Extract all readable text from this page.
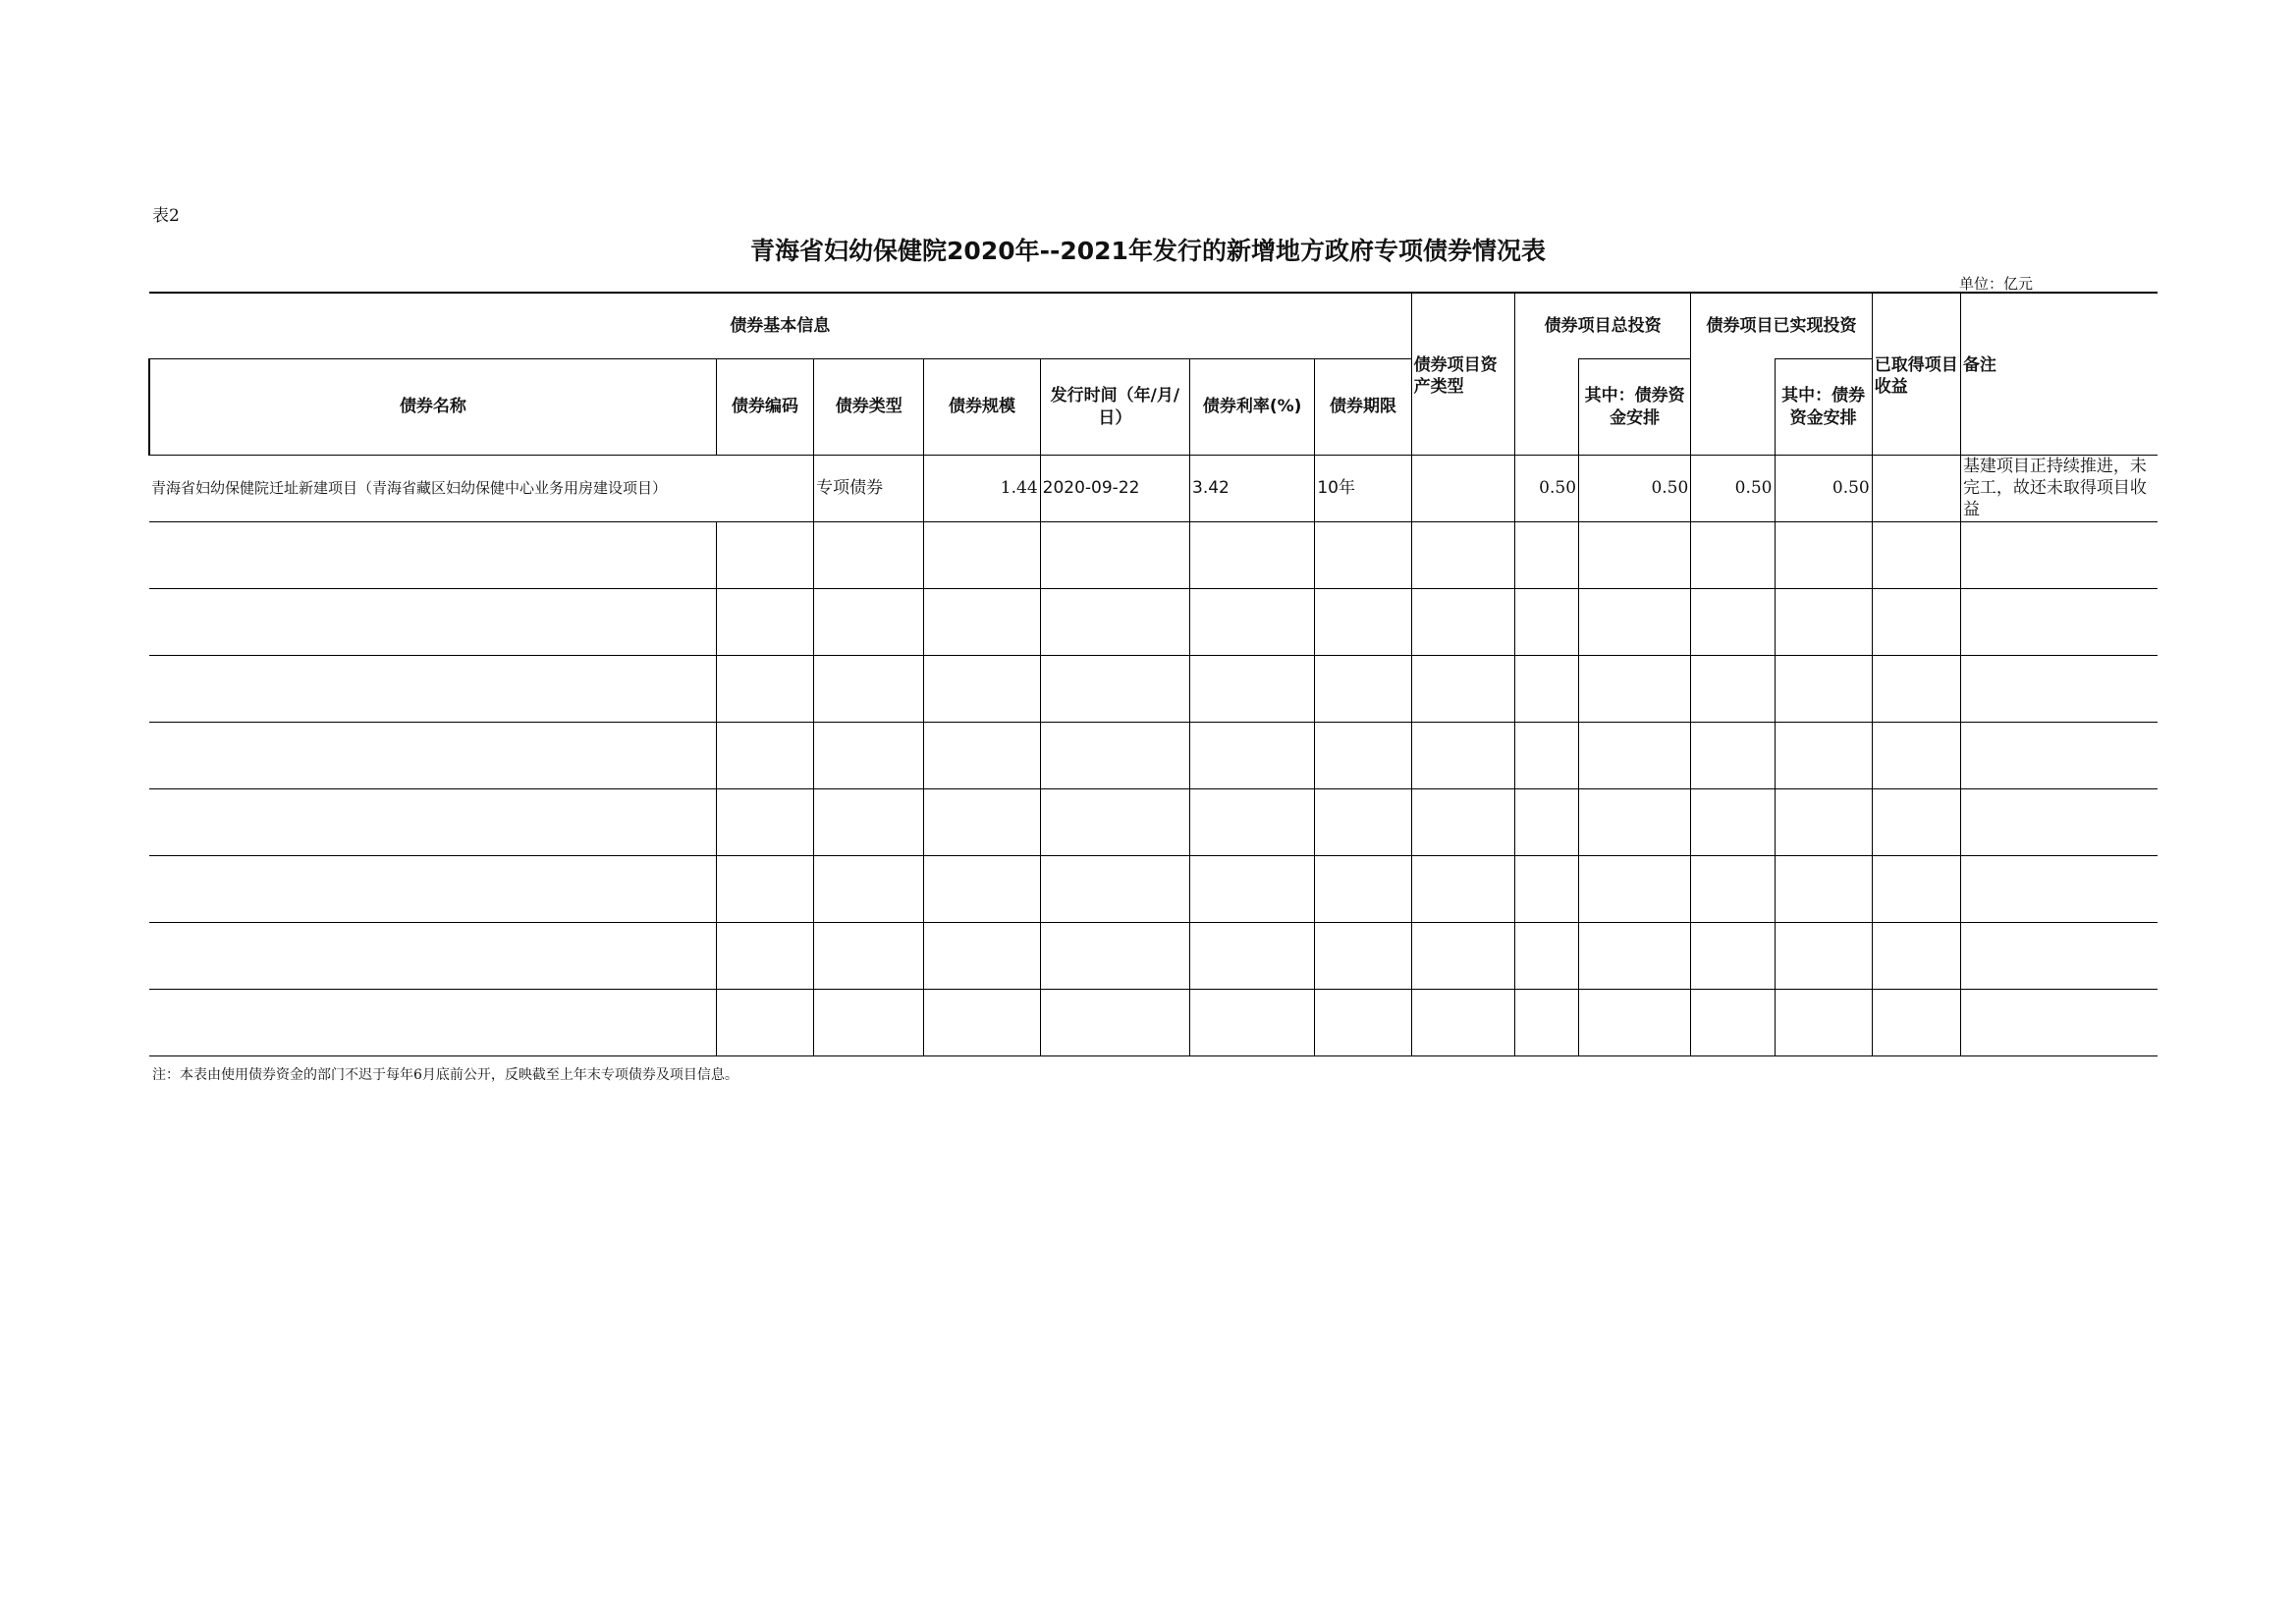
表2
青海省妇幼保健院2020年--2021年发行的新增地方政府专项债券情况表
单位：亿元
债券基本信息							债券项目资产类型	债券项目总投资		债券项目已实现投资		已取得项目收益	备注
债券名称	债券编码	债券类型	债券规模	发行时间（年/月/日）	债券利率(%)	债券期限			其中：债券资金安排		其中：债券资金安排		
青海省妇幼保健院迁址新建项目（青海省藏区妇幼保健中心业务用房建设项目）		专项债券	1.44	2020-09-22	3.42	10年		0.50	0.50	0.50	0.50		基建项目正持续推进，未完工，故还未取得项目收益

注：本表由使用债券资金的部门不迟于每年6月底前公开，反映截至上年末专项债券及项目信息。
